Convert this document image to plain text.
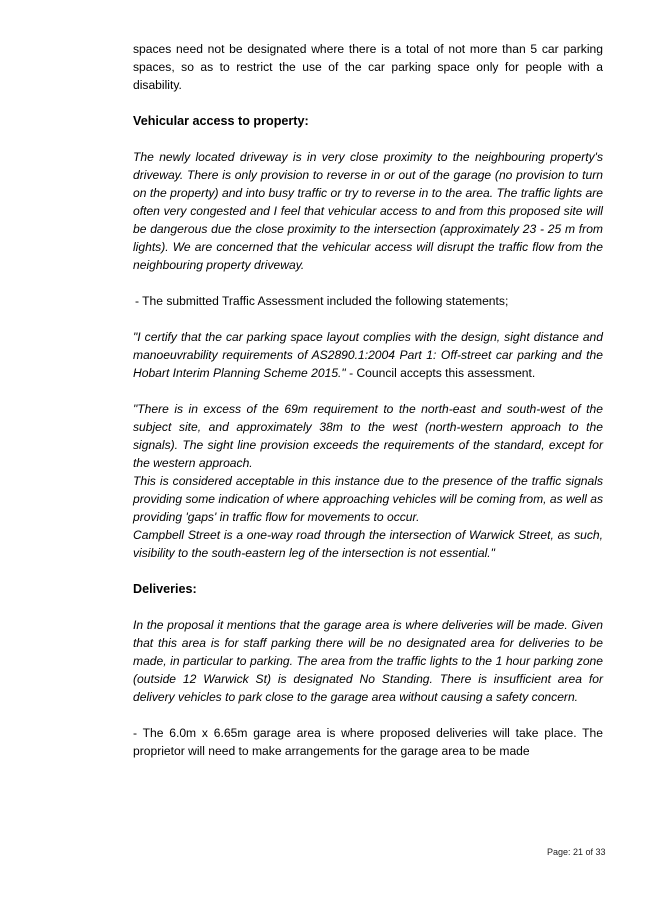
spaces need not be designated where there is a total of not more than 5 car parking spaces, so as to restrict the use of the car parking space only for people with a disability.

Vehicular access to property:

The newly located driveway is in very close proximity to the neighbouring property's driveway. There is only provision to reverse in or out of the garage (no provision to turn on the property) and into busy traffic or try to reverse in to the area. The traffic lights are often very congested and I feel that vehicular access to and from this proposed site will be dangerous due the close proximity to the intersection (approximately 23 - 25 m from lights). We are concerned that the vehicular access will disrupt the traffic flow from the neighbouring property driveway.

- The submitted Traffic Assessment included the following statements;

"I certify that the car parking space layout complies with the design, sight distance and manoeuvrability requirements of AS2890.1:2004 Part 1: Off-street car parking and the Hobart Interim Planning Scheme 2015." - Council accepts this assessment.

"There is in excess of the 69m requirement to the north-east and south-west of the subject site, and approximately 38m to the west (north-western approach to the signals). The sight line provision exceeds the requirements of the standard, except for the western approach.

This is considered acceptable in this instance due to the presence of the traffic signals providing some indication of where approaching vehicles will be coming from, as well as providing 'gaps' in traffic flow for movements to occur.

Campbell Street is a one-way road through the intersection of Warwick Street, as such, visibility to the south-eastern leg of the intersection is not essential."

Deliveries:

In the proposal it mentions that the garage area is where deliveries will be made. Given that this area is for staff parking there will be no designated area for deliveries to be made, in particular to parking. The area from the traffic lights to the 1 hour parking zone (outside 12 Warwick St) is designated No Standing. There is insufficient area for delivery vehicles to park close to the garage area without causing a safety concern.

- The 6.0m x 6.65m garage area is where proposed deliveries will take place. The proprietor will need to make arrangements for the garage area to be made

Page: 21 of 33
